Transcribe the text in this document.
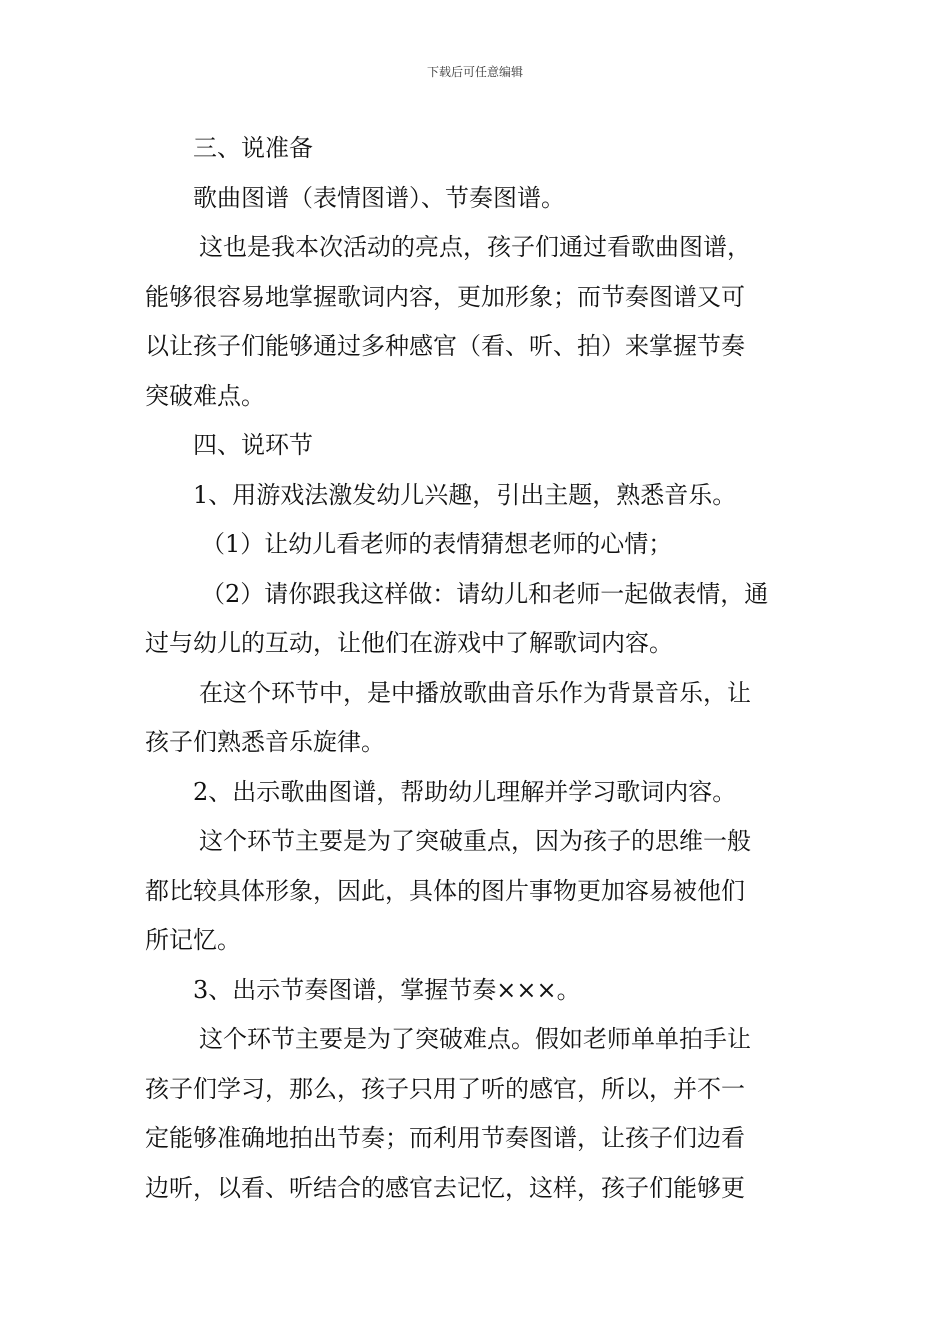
下载后可任意编辑
三、说准备
歌曲图谱（表情图谱）、节奏图谱。
这也是我本次活动的亮点，孩子们通过看歌曲图谱，
能够很容易地掌握歌词内容，更加形象；而节奏图谱又可
以让孩子们能够通过多种感官（看、听、拍）来掌握节奏
突破难点。
四、说环节
1、用游戏法激发幼儿兴趣，引出主题，熟悉音乐。
（1）让幼儿看老师的表情猜想老师的心情；
（2）请你跟我这样做：请幼儿和老师一起做表情，通
过与幼儿的互动，让他们在游戏中了解歌词内容。
在这个环节中，是中播放歌曲音乐作为背景音乐，让
孩子们熟悉音乐旋律。
2、出示歌曲图谱，帮助幼儿理解并学习歌词内容。
这个环节主要是为了突破重点，因为孩子的思维一般
都比较具体形象，因此，具体的图片事物更加容易被他们
所记忆。
3、出示节奏图谱，掌握节奏×××。
这个环节主要是为了突破难点。假如老师单单拍手让
孩子们学习，那么，孩子只用了听的感官，所以，并不一
定能够准确地拍出节奏；而利用节奏图谱，让孩子们边看
边听，以看、听结合的感官去记忆，这样，孩子们能够更
